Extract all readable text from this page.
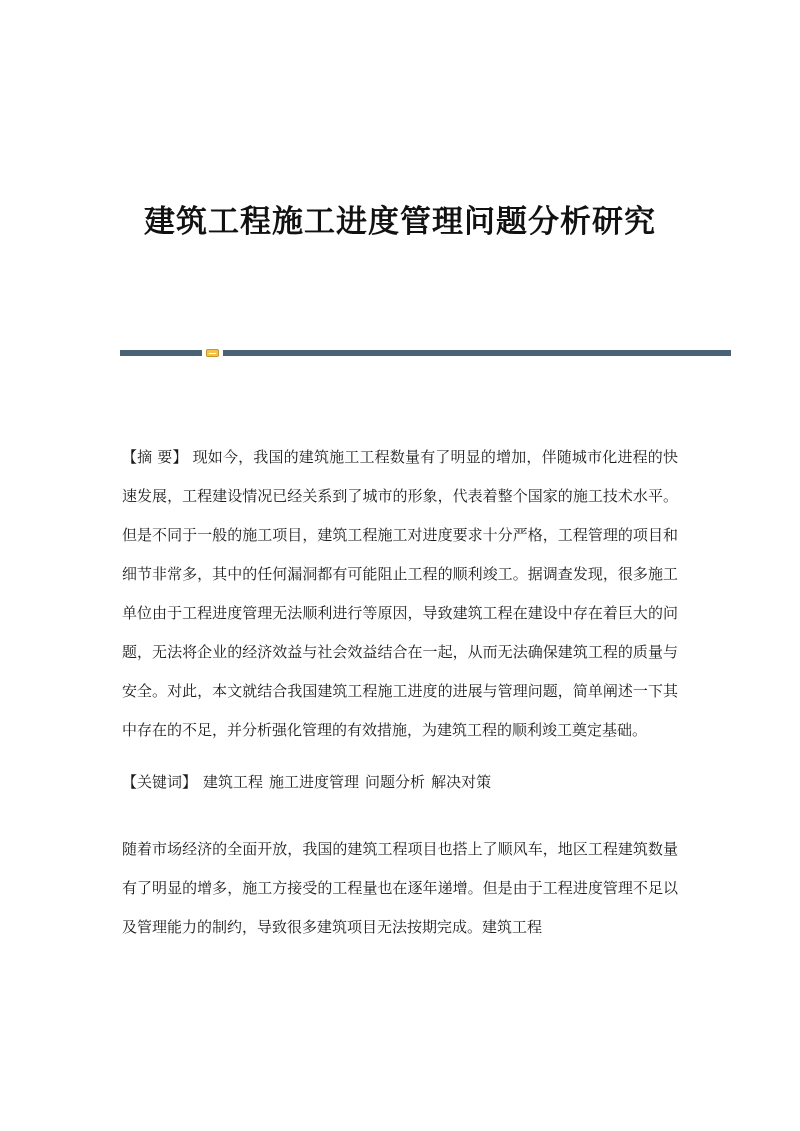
建筑工程施工进度管理问题分析研究

【摘 要】 现如今，我国的建筑施工工程数量有了明显的增加，伴随城市化进程的快速发展，工程建设情况已经关系到了城市的形象，代表着整个国家的施工技术水平。但是不同于一般的施工项目，建筑工程施工对进度要求十分严格，工程管理的项目和细节非常多，其中的任何漏洞都有可能阻止工程的顺利竣工。据调查发现，很多施工单位由于工程进度管理无法顺利进行等原因，导致建筑工程在建设中存在着巨大的问题，无法将企业的经济效益与社会效益结合在一起，从而无法确保建筑工程的质量与安全。对此，本文就结合我国建筑工程施工进度的进展与管理问题，简单阐述一下其中存在的不足，并分析强化管理的有效措施，为建筑工程的顺利竣工奠定基础。

【关键词】 建筑工程 施工进度管理 问题分析 解决对策

随着市场经济的全面开放，我国的建筑工程项目也搭上了顺风车，地区工程建筑数量有了明显的增多，施工方接受的工程量也在逐年递增。但是由于工程进度管理不足以及管理能力的制约，导致很多建筑项目无法按期完成。建筑工程
